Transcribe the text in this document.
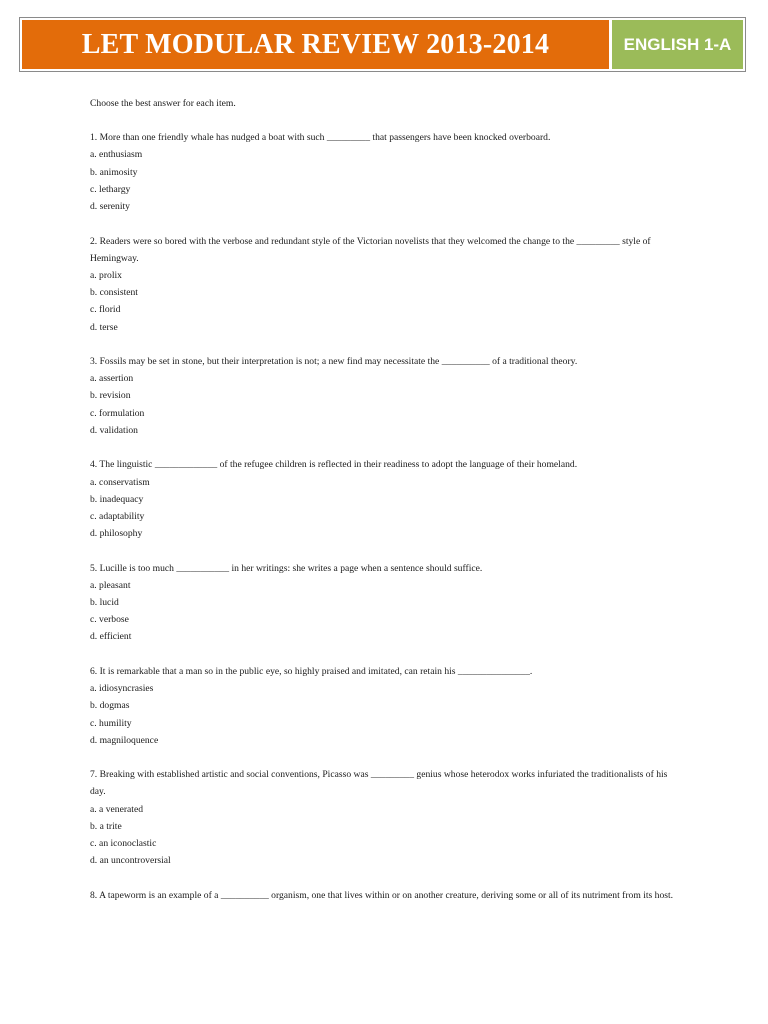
LET MODULAR REVIEW 2013-2014	ENGLISH 1-A

Choose the best answer for each item.

1. More than one friendly whale has nudged a boat with such _________ that passengers have been knocked overboard.
a. enthusiasm
b. animosity
c. lethargy
d. serenity
2. Readers were so bored with the verbose and redundant style of the Victorian novelists that they welcomed the change to the _________ style of Hemingway.
a. prolix
b. consistent
c. florid
d. terse
3. Fossils may be set in stone, but their interpretation is not; a new find may necessitate the __________ of a traditional theory.
a. assertion
b. revision
c. formulation
d. validation
4. The linguistic _____________ of the refugee children is reflected in their readiness to adopt the language of their homeland.
a. conservatism
b. inadequacy
c. adaptability
d. philosophy
5. Lucille is too much ___________ in her writings: she writes a page when a sentence should suffice.
a. pleasant
b. lucid
c. verbose
d. efficient
6. It is remarkable that a man so in the public eye, so highly praised and imitated, can retain his _______________.
a. idiosyncrasies
b. dogmas
c. humility
d. magniloquence
7. Breaking with established artistic and social conventions, Picasso was _________ genius whose heterodox works infuriated the traditionalists of his day.
a. a venerated
b. a trite
c. an iconoclastic
d. an uncontroversial
8. A tapeworm is an example of a __________ organism, one that lives within or on another creature, deriving some or all of its nutriment from its host.
